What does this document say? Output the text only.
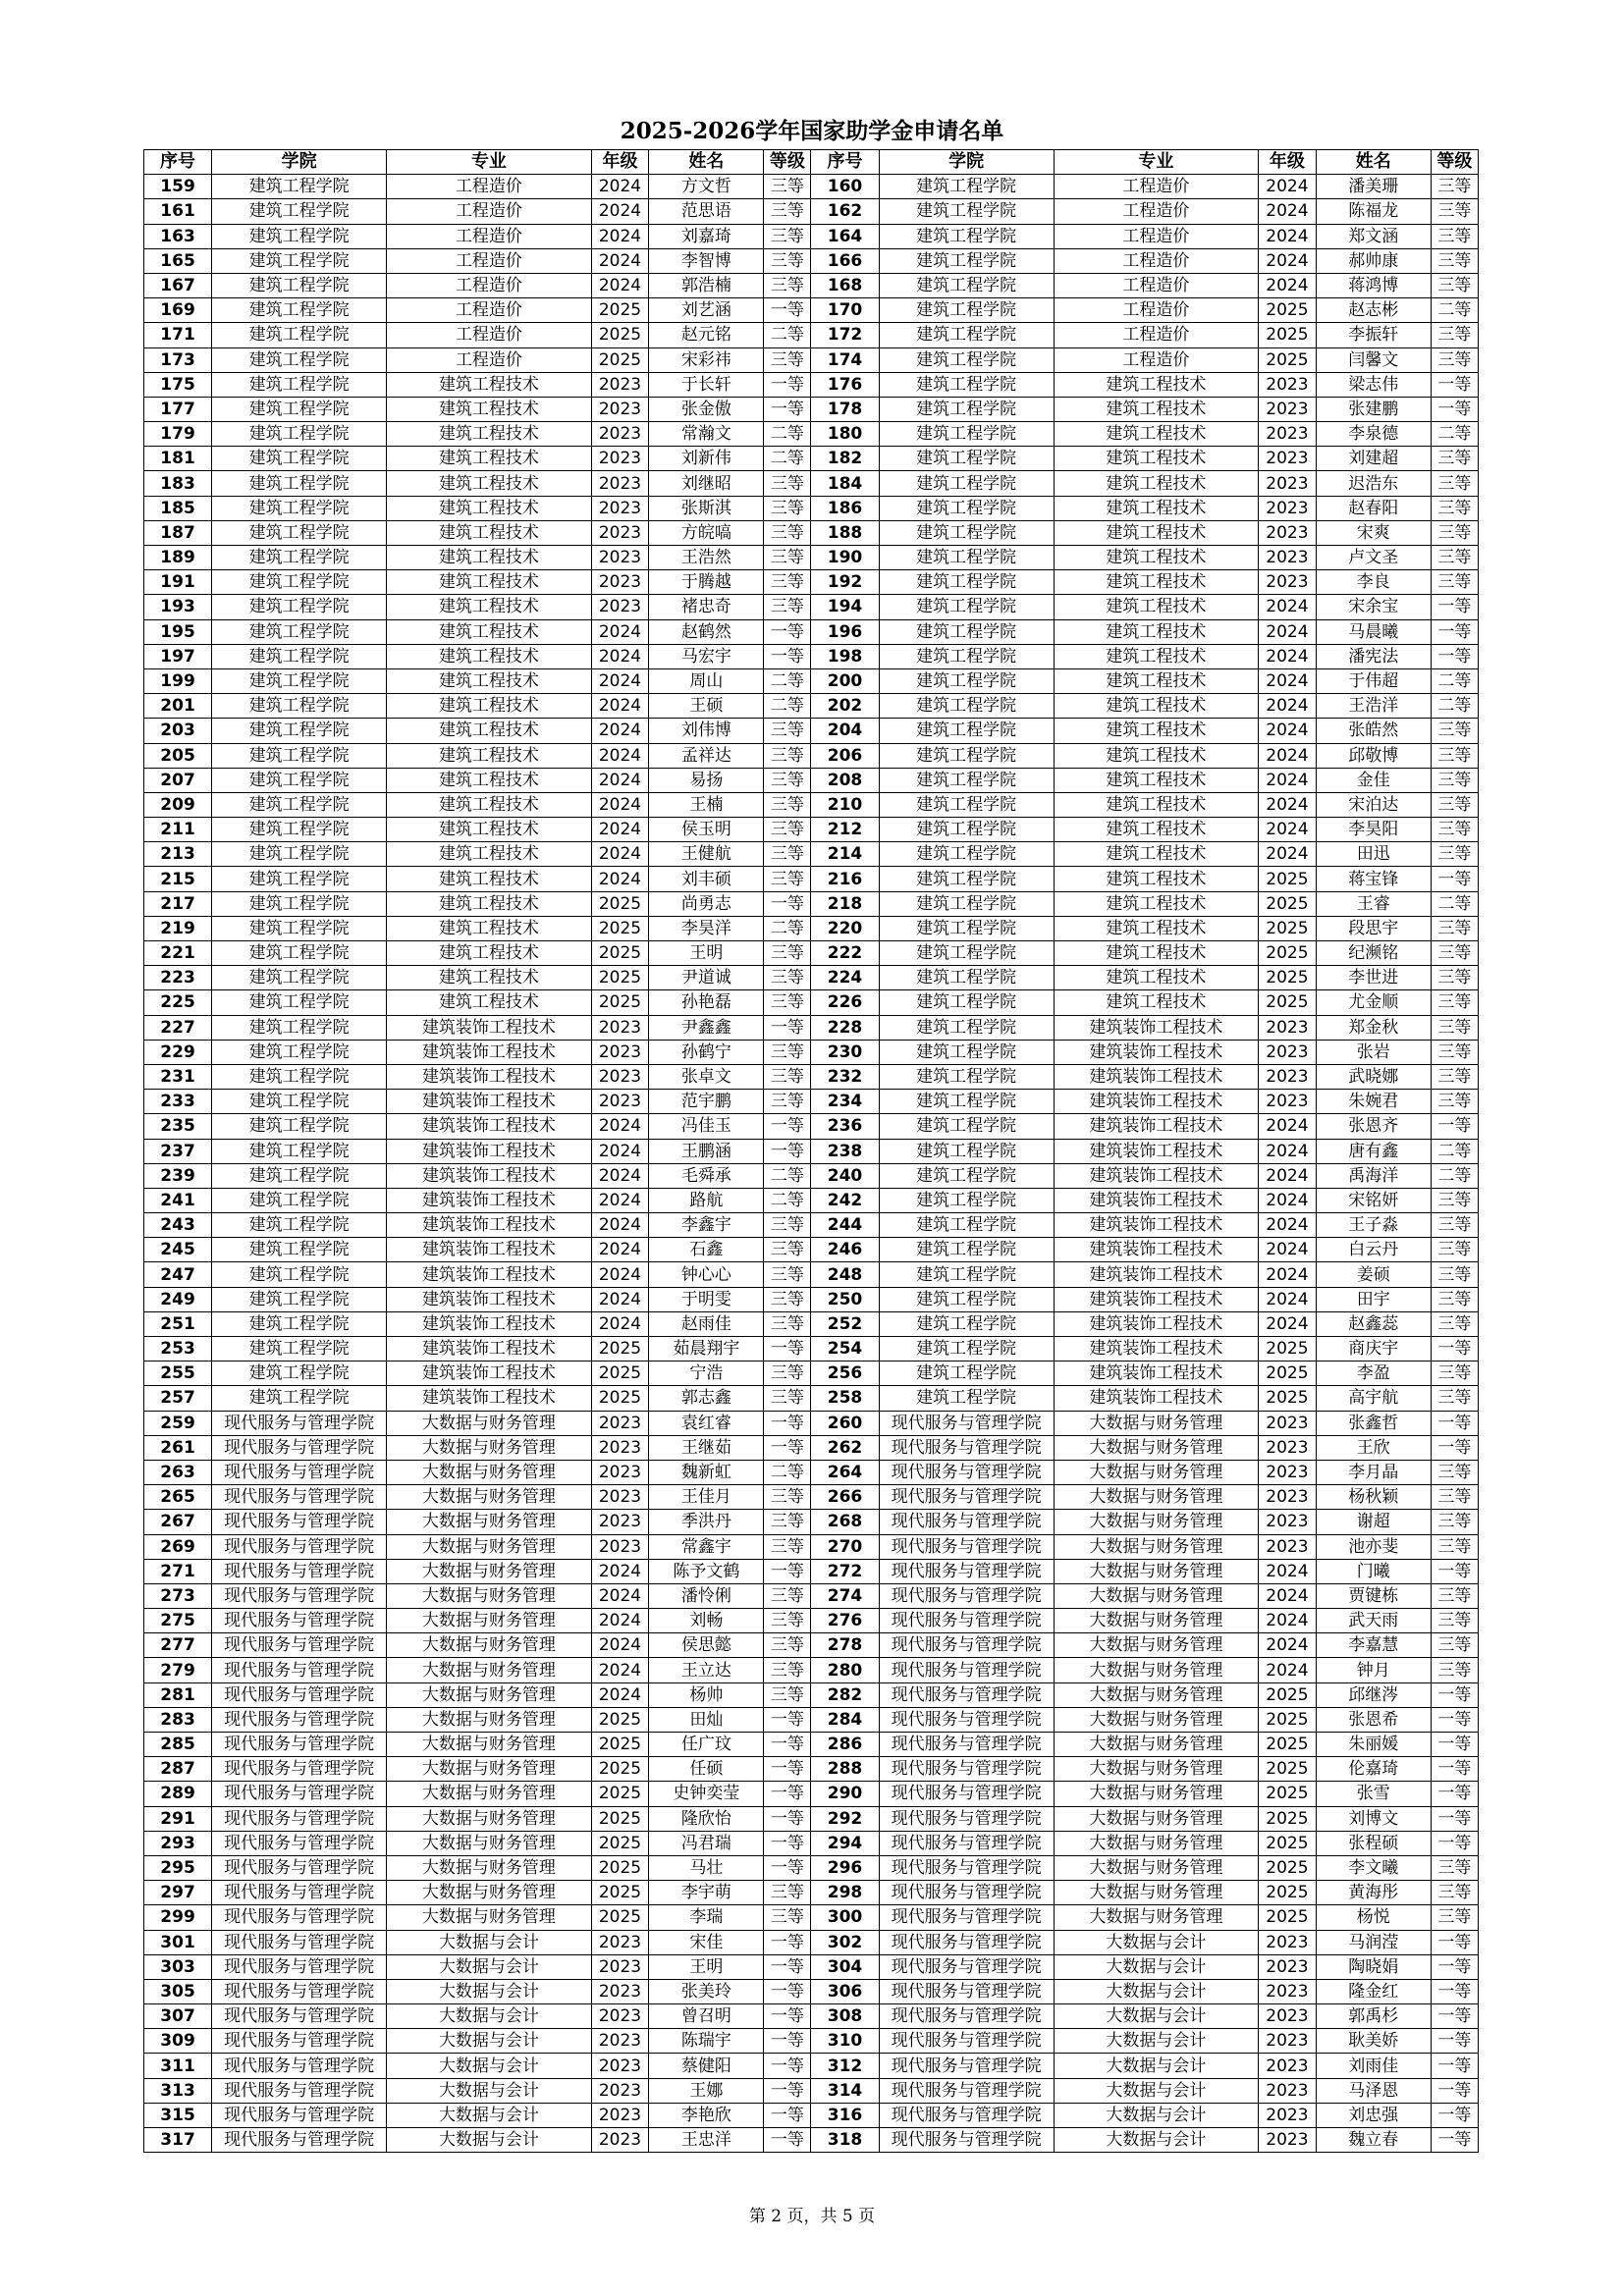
2025-2026学年国家助学金申请名单
序号	学院	专业	年级	姓名	等级	序号	学院	专业	年级	姓名	等级
159	建筑工程学院	工程造价	2024	方文哲	三等	160	建筑工程学院	工程造价	2024	潘美珊	三等
161	建筑工程学院	工程造价	2024	范思语	三等	162	建筑工程学院	工程造价	2024	陈福龙	三等
163	建筑工程学院	工程造价	2024	刘嘉琦	三等	164	建筑工程学院	工程造价	2024	郑文涵	三等
165	建筑工程学院	工程造价	2024	李智博	三等	166	建筑工程学院	工程造价	2024	郝帅康	三等
167	建筑工程学院	工程造价	2024	郭浩楠	三等	168	建筑工程学院	工程造价	2024	蒋鸿博	三等
169	建筑工程学院	工程造价	2025	刘艺涵	一等	170	建筑工程学院	工程造价	2025	赵志彬	二等
171	建筑工程学院	工程造价	2025	赵元铭	二等	172	建筑工程学院	工程造价	2025	李振轩	三等
173	建筑工程学院	工程造价	2025	宋彩祎	三等	174	建筑工程学院	工程造价	2025	闫馨文	三等
175	建筑工程学院	建筑工程技术	2023	于长轩	一等	176	建筑工程学院	建筑工程技术	2023	梁志伟	一等
177	建筑工程学院	建筑工程技术	2023	张金傲	一等	178	建筑工程学院	建筑工程技术	2023	张建鹏	一等
179	建筑工程学院	建筑工程技术	2023	常瀚文	二等	180	建筑工程学院	建筑工程技术	2023	李泉德	二等
181	建筑工程学院	建筑工程技术	2023	刘新伟	二等	182	建筑工程学院	建筑工程技术	2023	刘建超	三等
183	建筑工程学院	建筑工程技术	2023	刘继昭	三等	184	建筑工程学院	建筑工程技术	2023	迟浩东	三等
185	建筑工程学院	建筑工程技术	2023	张斯淇	三等	186	建筑工程学院	建筑工程技术	2023	赵春阳	三等
187	建筑工程学院	建筑工程技术	2023	方皖嗃	三等	188	建筑工程学院	建筑工程技术	2023	宋爽	三等
189	建筑工程学院	建筑工程技术	2023	王浩然	三等	190	建筑工程学院	建筑工程技术	2023	卢文圣	三等
191	建筑工程学院	建筑工程技术	2023	于腾越	三等	192	建筑工程学院	建筑工程技术	2023	李良	三等
193	建筑工程学院	建筑工程技术	2023	褚忠奇	三等	194	建筑工程学院	建筑工程技术	2024	宋余宝	一等
195	建筑工程学院	建筑工程技术	2024	赵鹤然	一等	196	建筑工程学院	建筑工程技术	2024	马晨曦	一等
197	建筑工程学院	建筑工程技术	2024	马宏宇	一等	198	建筑工程学院	建筑工程技术	2024	潘宪法	一等
199	建筑工程学院	建筑工程技术	2024	周山	二等	200	建筑工程学院	建筑工程技术	2024	于伟超	二等
201	建筑工程学院	建筑工程技术	2024	王硕	二等	202	建筑工程学院	建筑工程技术	2024	王浩洋	二等
203	建筑工程学院	建筑工程技术	2024	刘伟博	三等	204	建筑工程学院	建筑工程技术	2024	张皓然	三等
205	建筑工程学院	建筑工程技术	2024	孟祥达	三等	206	建筑工程学院	建筑工程技术	2024	邱敬博	三等
207	建筑工程学院	建筑工程技术	2024	易扬	三等	208	建筑工程学院	建筑工程技术	2024	金佳	三等
209	建筑工程学院	建筑工程技术	2024	王楠	三等	210	建筑工程学院	建筑工程技术	2024	宋泊达	三等
211	建筑工程学院	建筑工程技术	2024	侯玉明	三等	212	建筑工程学院	建筑工程技术	2024	李昊阳	三等
213	建筑工程学院	建筑工程技术	2024	王健航	三等	214	建筑工程学院	建筑工程技术	2024	田迅	三等
215	建筑工程学院	建筑工程技术	2024	刘丰硕	三等	216	建筑工程学院	建筑工程技术	2025	蒋宝锋	一等
217	建筑工程学院	建筑工程技术	2025	尚勇志	一等	218	建筑工程学院	建筑工程技术	2025	王睿	二等
219	建筑工程学院	建筑工程技术	2025	李昊洋	二等	220	建筑工程学院	建筑工程技术	2025	段思宇	三等
221	建筑工程学院	建筑工程技术	2025	王明	三等	222	建筑工程学院	建筑工程技术	2025	纪濒铭	三等
223	建筑工程学院	建筑工程技术	2025	尹道诚	三等	224	建筑工程学院	建筑工程技术	2025	李世进	三等
225	建筑工程学院	建筑工程技术	2025	孙艳磊	三等	226	建筑工程学院	建筑工程技术	2025	尤金顺	三等
227	建筑工程学院	建筑装饰工程技术	2023	尹鑫鑫	一等	228	建筑工程学院	建筑装饰工程技术	2023	郑金秋	三等
229	建筑工程学院	建筑装饰工程技术	2023	孙鹤宁	三等	230	建筑工程学院	建筑装饰工程技术	2023	张岩	三等
231	建筑工程学院	建筑装饰工程技术	2023	张卓文	三等	232	建筑工程学院	建筑装饰工程技术	2023	武晓娜	三等
233	建筑工程学院	建筑装饰工程技术	2023	范宇鹏	三等	234	建筑工程学院	建筑装饰工程技术	2023	朱婉君	三等
235	建筑工程学院	建筑装饰工程技术	2024	冯佳玉	一等	236	建筑工程学院	建筑装饰工程技术	2024	张恩齐	一等
237	建筑工程学院	建筑装饰工程技术	2024	王鹏涵	一等	238	建筑工程学院	建筑装饰工程技术	2024	唐有鑫	二等
239	建筑工程学院	建筑装饰工程技术	2024	毛舜承	二等	240	建筑工程学院	建筑装饰工程技术	2024	禹海洋	二等
241	建筑工程学院	建筑装饰工程技术	2024	路航	二等	242	建筑工程学院	建筑装饰工程技术	2024	宋铭妍	三等
243	建筑工程学院	建筑装饰工程技术	2024	李鑫宇	三等	244	建筑工程学院	建筑装饰工程技术	2024	王子淼	三等
245	建筑工程学院	建筑装饰工程技术	2024	石鑫	三等	246	建筑工程学院	建筑装饰工程技术	2024	白云丹	三等
247	建筑工程学院	建筑装饰工程技术	2024	钟心心	三等	248	建筑工程学院	建筑装饰工程技术	2024	姜硕	三等
249	建筑工程学院	建筑装饰工程技术	2024	于明雯	三等	250	建筑工程学院	建筑装饰工程技术	2024	田宇	三等
251	建筑工程学院	建筑装饰工程技术	2024	赵雨佳	三等	252	建筑工程学院	建筑装饰工程技术	2024	赵鑫蕊	三等
253	建筑工程学院	建筑装饰工程技术	2025	茹晨翔宇	一等	254	建筑工程学院	建筑装饰工程技术	2025	商庆宇	一等
255	建筑工程学院	建筑装饰工程技术	2025	宁浩	三等	256	建筑工程学院	建筑装饰工程技术	2025	李盈	三等
257	建筑工程学院	建筑装饰工程技术	2025	郭志鑫	三等	258	建筑工程学院	建筑装饰工程技术	2025	高宇航	三等
259	现代服务与管理学院	大数据与财务管理	2023	袁红睿	一等	260	现代服务与管理学院	大数据与财务管理	2023	张鑫哲	一等
261	现代服务与管理学院	大数据与财务管理	2023	王继茹	一等	262	现代服务与管理学院	大数据与财务管理	2023	王欣	一等
263	现代服务与管理学院	大数据与财务管理	2023	魏新虹	二等	264	现代服务与管理学院	大数据与财务管理	2023	李月晶	三等
265	现代服务与管理学院	大数据与财务管理	2023	王佳月	三等	266	现代服务与管理学院	大数据与财务管理	2023	杨秋颖	三等
267	现代服务与管理学院	大数据与财务管理	2023	季洪丹	三等	268	现代服务与管理学院	大数据与财务管理	2023	谢超	三等
269	现代服务与管理学院	大数据与财务管理	2023	常鑫宇	三等	270	现代服务与管理学院	大数据与财务管理	2023	池亦斐	三等
271	现代服务与管理学院	大数据与财务管理	2024	陈予文鹤	一等	272	现代服务与管理学院	大数据与财务管理	2024	门曦	一等
273	现代服务与管理学院	大数据与财务管理	2024	潘怜俐	三等	274	现代服务与管理学院	大数据与财务管理	2024	贾键栋	三等
275	现代服务与管理学院	大数据与财务管理	2024	刘畅	三等	276	现代服务与管理学院	大数据与财务管理	2024	武天雨	三等
277	现代服务与管理学院	大数据与财务管理	2024	侯思懿	三等	278	现代服务与管理学院	大数据与财务管理	2024	李嘉慧	三等
279	现代服务与管理学院	大数据与财务管理	2024	王立达	三等	280	现代服务与管理学院	大数据与财务管理	2024	钟月	三等
281	现代服务与管理学院	大数据与财务管理	2024	杨帅	三等	282	现代服务与管理学院	大数据与财务管理	2025	邱继涔	一等
283	现代服务与管理学院	大数据与财务管理	2025	田灿	一等	284	现代服务与管理学院	大数据与财务管理	2025	张恩希	一等
285	现代服务与管理学院	大数据与财务管理	2025	任广玟	一等	286	现代服务与管理学院	大数据与财务管理	2025	朱丽媛	一等
287	现代服务与管理学院	大数据与财务管理	2025	任硕	一等	288	现代服务与管理学院	大数据与财务管理	2025	伦嘉琦	一等
289	现代服务与管理学院	大数据与财务管理	2025	史钟奕莹	一等	290	现代服务与管理学院	大数据与财务管理	2025	张雪	一等
291	现代服务与管理学院	大数据与财务管理	2025	隆欣怡	一等	292	现代服务与管理学院	大数据与财务管理	2025	刘博文	一等
293	现代服务与管理学院	大数据与财务管理	2025	冯君瑞	一等	294	现代服务与管理学院	大数据与财务管理	2025	张程硕	一等
295	现代服务与管理学院	大数据与财务管理	2025	马壮	一等	296	现代服务与管理学院	大数据与财务管理	2025	李文曦	三等
297	现代服务与管理学院	大数据与财务管理	2025	李宇萌	三等	298	现代服务与管理学院	大数据与财务管理	2025	黄海彤	三等
299	现代服务与管理学院	大数据与财务管理	2025	李瑞	三等	300	现代服务与管理学院	大数据与财务管理	2025	杨悦	三等
301	现代服务与管理学院	大数据与会计	2023	宋佳	一等	302	现代服务与管理学院	大数据与会计	2023	马润滢	一等
303	现代服务与管理学院	大数据与会计	2023	王明	一等	304	现代服务与管理学院	大数据与会计	2023	陶晓娟	一等
305	现代服务与管理学院	大数据与会计	2023	张美玲	一等	306	现代服务与管理学院	大数据与会计	2023	隆金红	一等
307	现代服务与管理学院	大数据与会计	2023	曾召明	一等	308	现代服务与管理学院	大数据与会计	2023	郭禹杉	一等
309	现代服务与管理学院	大数据与会计	2023	陈瑞宇	一等	310	现代服务与管理学院	大数据与会计	2023	耿美娇	一等
311	现代服务与管理学院	大数据与会计	2023	蔡健阳	一等	312	现代服务与管理学院	大数据与会计	2023	刘雨佳	一等
313	现代服务与管理学院	大数据与会计	2023	王娜	一等	314	现代服务与管理学院	大数据与会计	2023	马泽恩	一等
315	现代服务与管理学院	大数据与会计	2023	李艳欣	一等	316	现代服务与管理学院	大数据与会计	2023	刘忠强	一等
317	现代服务与管理学院	大数据与会计	2023	王忠洋	一等	318	现代服务与管理学院	大数据与会计	2023	魏立春	一等
第 2 页，共 5 页
